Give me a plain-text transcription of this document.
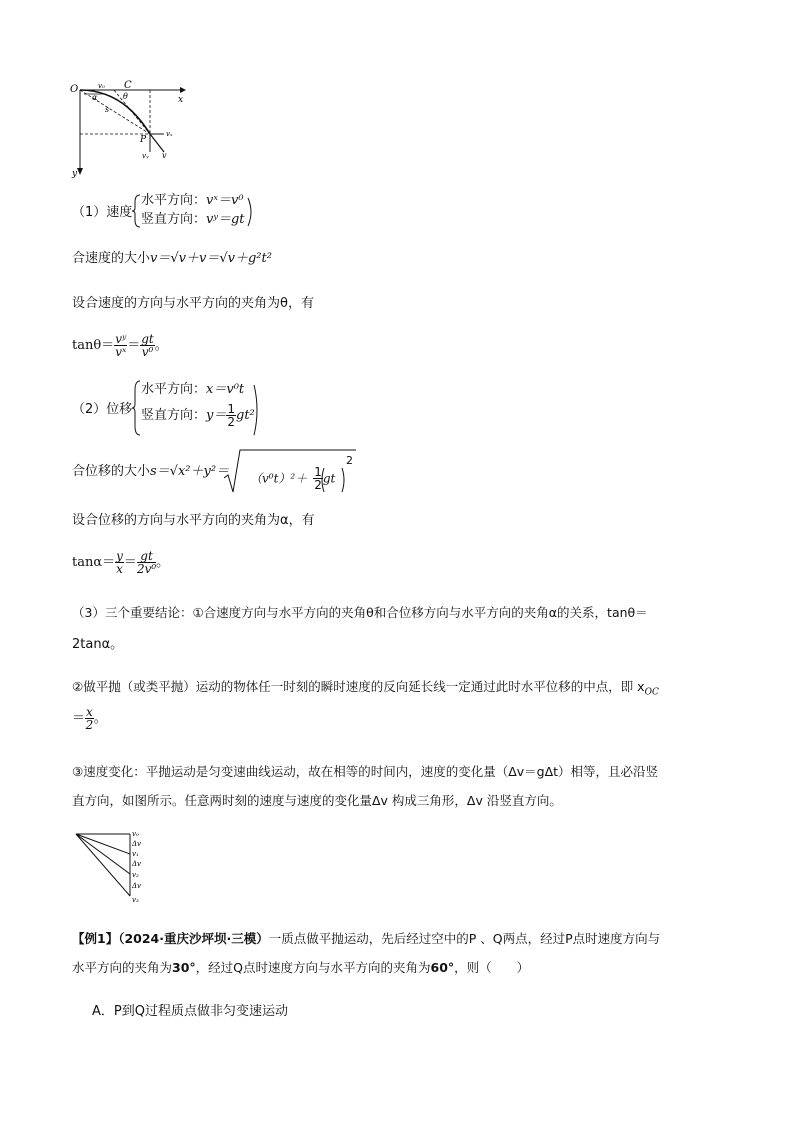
O	v₀ C
θ	x
α
s
P
vₓ
vᵧ v
y
（1）速度
水平方向：vˣ＝v⁰
竖直方向：vʸ＝gt
合速度的大小v＝√v＋v＝√v＋g²t²
设合速度的方向与水平方向的夹角为θ，有
$\tan\theta= \frac{\text{vʸ}}{\text{vˣ}} = \frac{gt}{\text{v⁰}}$ 。
（2）位移
水平方向：x＝v⁰t
竖直方向：$y= \frac{1}{2} gt^2$
合位移的大小$s=√x^2+y^2= (v^0t)^2+ \frac{1}{2}$ gt
2
设合位移的方向与水平方向的夹角为α，有
$\tan\alpha= \frac{y}{x} = \frac{gt}{\text{2v⁰}}$ 。
（3）三个重要结论：①合速度方向与水平方向的夹角θ和合位移方向与水平方向的夹角α的关系，tanθ＝
2tanα。
②做平抛（或类平抛）运动的物体任一时刻的瞬时速度的反向延长线一定通过此时水平位移的中点，即 $x_{OC}$
＝ $\frac{x}{2}$ 。
③速度变化：平抛运动是匀变速曲线运动，故在相等的时间内，速度的变化量（Δv＝gΔt）相等，且必沿竖
直方向，如图所示。任意两时刻的速度与速度的变化量Δv 构成三角形，Δv 沿竖直方向。
v₀
Δv
v₁
Δv
v₂
Δv
v₃
【例1】（2024·重庆沙坪坝·三模）一质点做平抛运动，先后经过空中的P 、Q两点，经过P点时速度方向与
水平方向的夹角为30°，经过Q点时速度方向与水平方向的夹角为60°，则（　　）
A．P到Q过程质点做非匀变速运动
